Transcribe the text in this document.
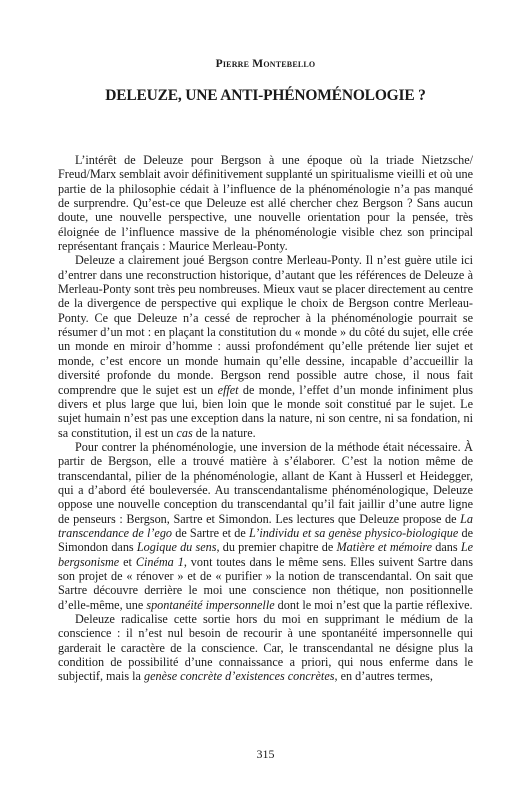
Pierre Montebello
DELEUZE, UNE ANTI-PHÉNOMÉNOLOGIE ?

L’intérêt de Deleuze pour Bergson à une époque où la triade Nietzsche/ Freud/Marx semblait avoir définitivement supplanté un spiritualisme vieilli et où une partie de la philosophie cédait à l’influence de la phénoménologie n’a pas manqué de surprendre. Qu’est-ce que Deleuze est allé chercher chez Bergson ? Sans aucun doute, une nouvelle perspective, une nouvelle orientation pour la pensée, très éloignée de l’influence massive de la phénoménologie visible chez son principal représentant français : Maurice Merleau-Ponty.

Deleuze a clairement joué Bergson contre Merleau-Ponty. Il n’est guère utile ici d’entrer dans une reconstruction historique, d’autant que les références de Deleuze à Merleau-Ponty sont très peu nombreuses. Mieux vaut se placer directement au centre de la divergence de perspective qui explique le choix de Bergson contre Merleau-Ponty. Ce que Deleuze n’a cessé de reprocher à la phénoménologie pourrait se résumer d’un mot : en plaçant la constitution du « monde » du côté du sujet, elle crée un monde en miroir d’homme : aussi profondément qu’elle prétende lier sujet et monde, c’est encore un monde humain qu’elle dessine, incapable d’accueillir la diversité profonde du monde. Bergson rend possible autre chose, il nous fait comprendre que le sujet est un effet de monde, l’effet d’un monde infiniment plus divers et plus large que lui, bien loin que le monde soit constitué par le sujet. Le sujet humain n’est pas une exception dans la nature, ni son centre, ni sa fondation, ni sa constitution, il est un cas de la nature.

Pour contrer la phénoménologie, une inversion de la méthode était nécessaire. À partir de Bergson, elle a trouvé matière à s’élaborer. C’est la notion même de transcendantal, pilier de la phénoménologie, allant de Kant à Husserl et Heidegger, qui a d’abord été bouleversée. Au transcendantalisme phénoménologique, Deleuze oppose une nouvelle conception du transcendantal qu’il fait jaillir d’une autre ligne de penseurs : Bergson, Sartre et Simondon. Les lectures que Deleuze propose de La transcendance de l’ego de Sartre et de L’individu et sa genèse physico-biologique de Simondon dans Logique du sens, du premier chapitre de Matière et mémoire dans Le bergsonisme et Cinéma 1, vont toutes dans le même sens. Elles suivent Sartre dans son projet de « rénover » et de « purifier » la notion de transcendantal. On sait que Sartre découvre derrière le moi une conscience non thétique, non positionnelle d’elle-même, une spontanéité impersonnelle dont le moi n’est que la partie réflexive.

Deleuze radicalise cette sortie hors du moi en supprimant le médium de la conscience : il n’est nul besoin de recourir à une spontanéité impersonnelle qui garderait le caractère de la conscience. Car, le transcendantal ne désigne plus la condition de possibilité d’une connaissance a priori, qui nous enferme dans le subjectif, mais la genèse concrète d’existences concrètes, en d’autres termes,

315
